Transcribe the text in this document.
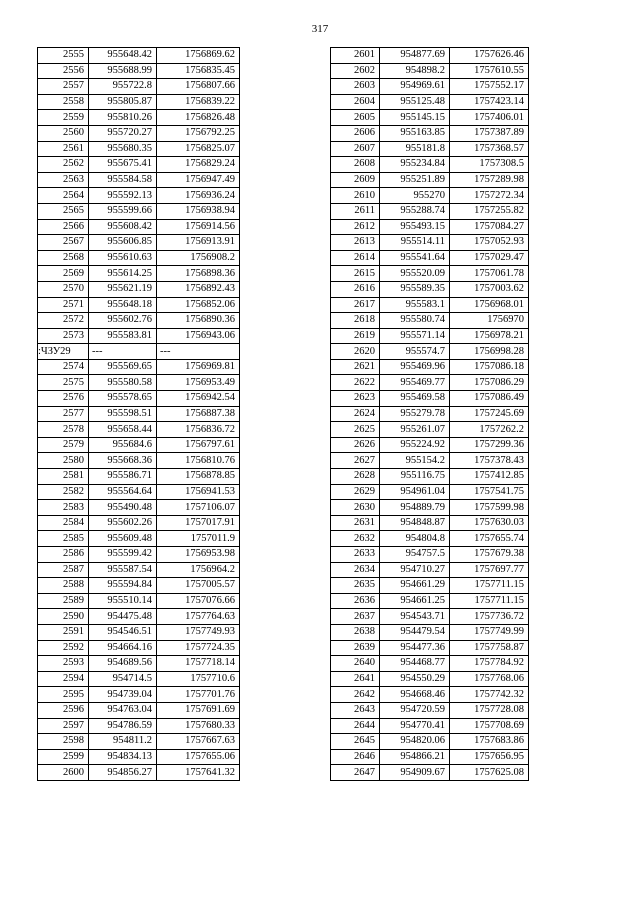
317
2555	955648.42	1756869.62
2556	955688.99	1756835.45
2557	955722.8	1756807.66
2558	955805.87	1756839.22
2559	955810.26	1756826.48
2560	955720.27	1756792.25
2561	955680.35	1756825.07
2562	955675.41	1756829.24
2563	955584.58	1756947.49
2564	955592.13	1756936.24
2565	955599.66	1756938.94
2566	955608.42	1756914.56
2567	955606.85	1756913.91
2568	955610.63	1756908.2
2569	955614.25	1756898.36
2570	955621.19	1756892.43
2571	955648.18	1756852.06
2572	955602.76	1756890.36
2573	955583.81	1756943.06
:ЧЗУ29	---	---
2574	955569.65	1756969.81
2575	955580.58	1756953.49
2576	955578.65	1756942.54
2577	955598.51	1756887.38
2578	955658.44	1756836.72
2579	955684.6	1756797.61
2580	955668.36	1756810.76
2581	955586.71	1756878.85
2582	955564.64	1756941.53
2583	955490.48	1757106.07
2584	955602.26	1757017.91
2585	955609.48	1757011.9
2586	955599.42	1756953.98
2587	955587.54	1756964.2
2588	955594.84	1757005.57
2589	955510.14	1757076.66
2590	954475.48	1757764.63
2591	954546.51	1757749.93
2592	954664.16	1757724.35
2593	954689.56	1757718.14
2594	954714.5	1757710.6
2595	954739.04	1757701.76
2596	954763.04	1757691.69
2597	954786.59	1757680.33
2598	954811.2	1757667.63
2599	954834.13	1757655.06
2600	954856.27	1757641.32
2601	954877.69	1757626.46
2602	954898.2	1757610.55
2603	954969.61	1757552.17
2604	955125.48	1757423.14
2605	955145.15	1757406.01
2606	955163.85	1757387.89
2607	955181.8	1757368.57
2608	955234.84	1757308.5
2609	955251.89	1757289.98
2610	955270	1757272.34
2611	955288.74	1757255.82
2612	955493.15	1757084.27
2613	955514.11	1757052.93
2614	955541.64	1757029.47
2615	955520.09	1757061.78
2616	955589.35	1757003.62
2617	955583.1	1756968.01
2618	955580.74	1756970
2619	955571.14	1756978.21
2620	955574.7	1756998.28
2621	955469.96	1757086.18
2622	955469.77	1757086.29
2623	955469.58	1757086.49
2624	955279.78	1757245.69
2625	955261.07	1757262.2
2626	955224.92	1757299.36
2627	955154.2	1757378.43
2628	955116.75	1757412.85
2629	954961.04	1757541.75
2630	954889.79	1757599.98
2631	954848.87	1757630.03
2632	954804.8	1757655.74
2633	954757.5	1757679.38
2634	954710.27	1757697.77
2635	954661.29	1757711.15
2636	954661.25	1757711.15
2637	954543.71	1757736.72
2638	954479.54	1757749.99
2639	954477.36	1757758.87
2640	954468.77	1757784.92
2641	954550.29	1757768.06
2642	954668.46	1757742.32
2643	954720.59	1757728.08
2644	954770.41	1757708.69
2645	954820.06	1757683.86
2646	954866.21	1757656.95
2647	954909.67	1757625.08
